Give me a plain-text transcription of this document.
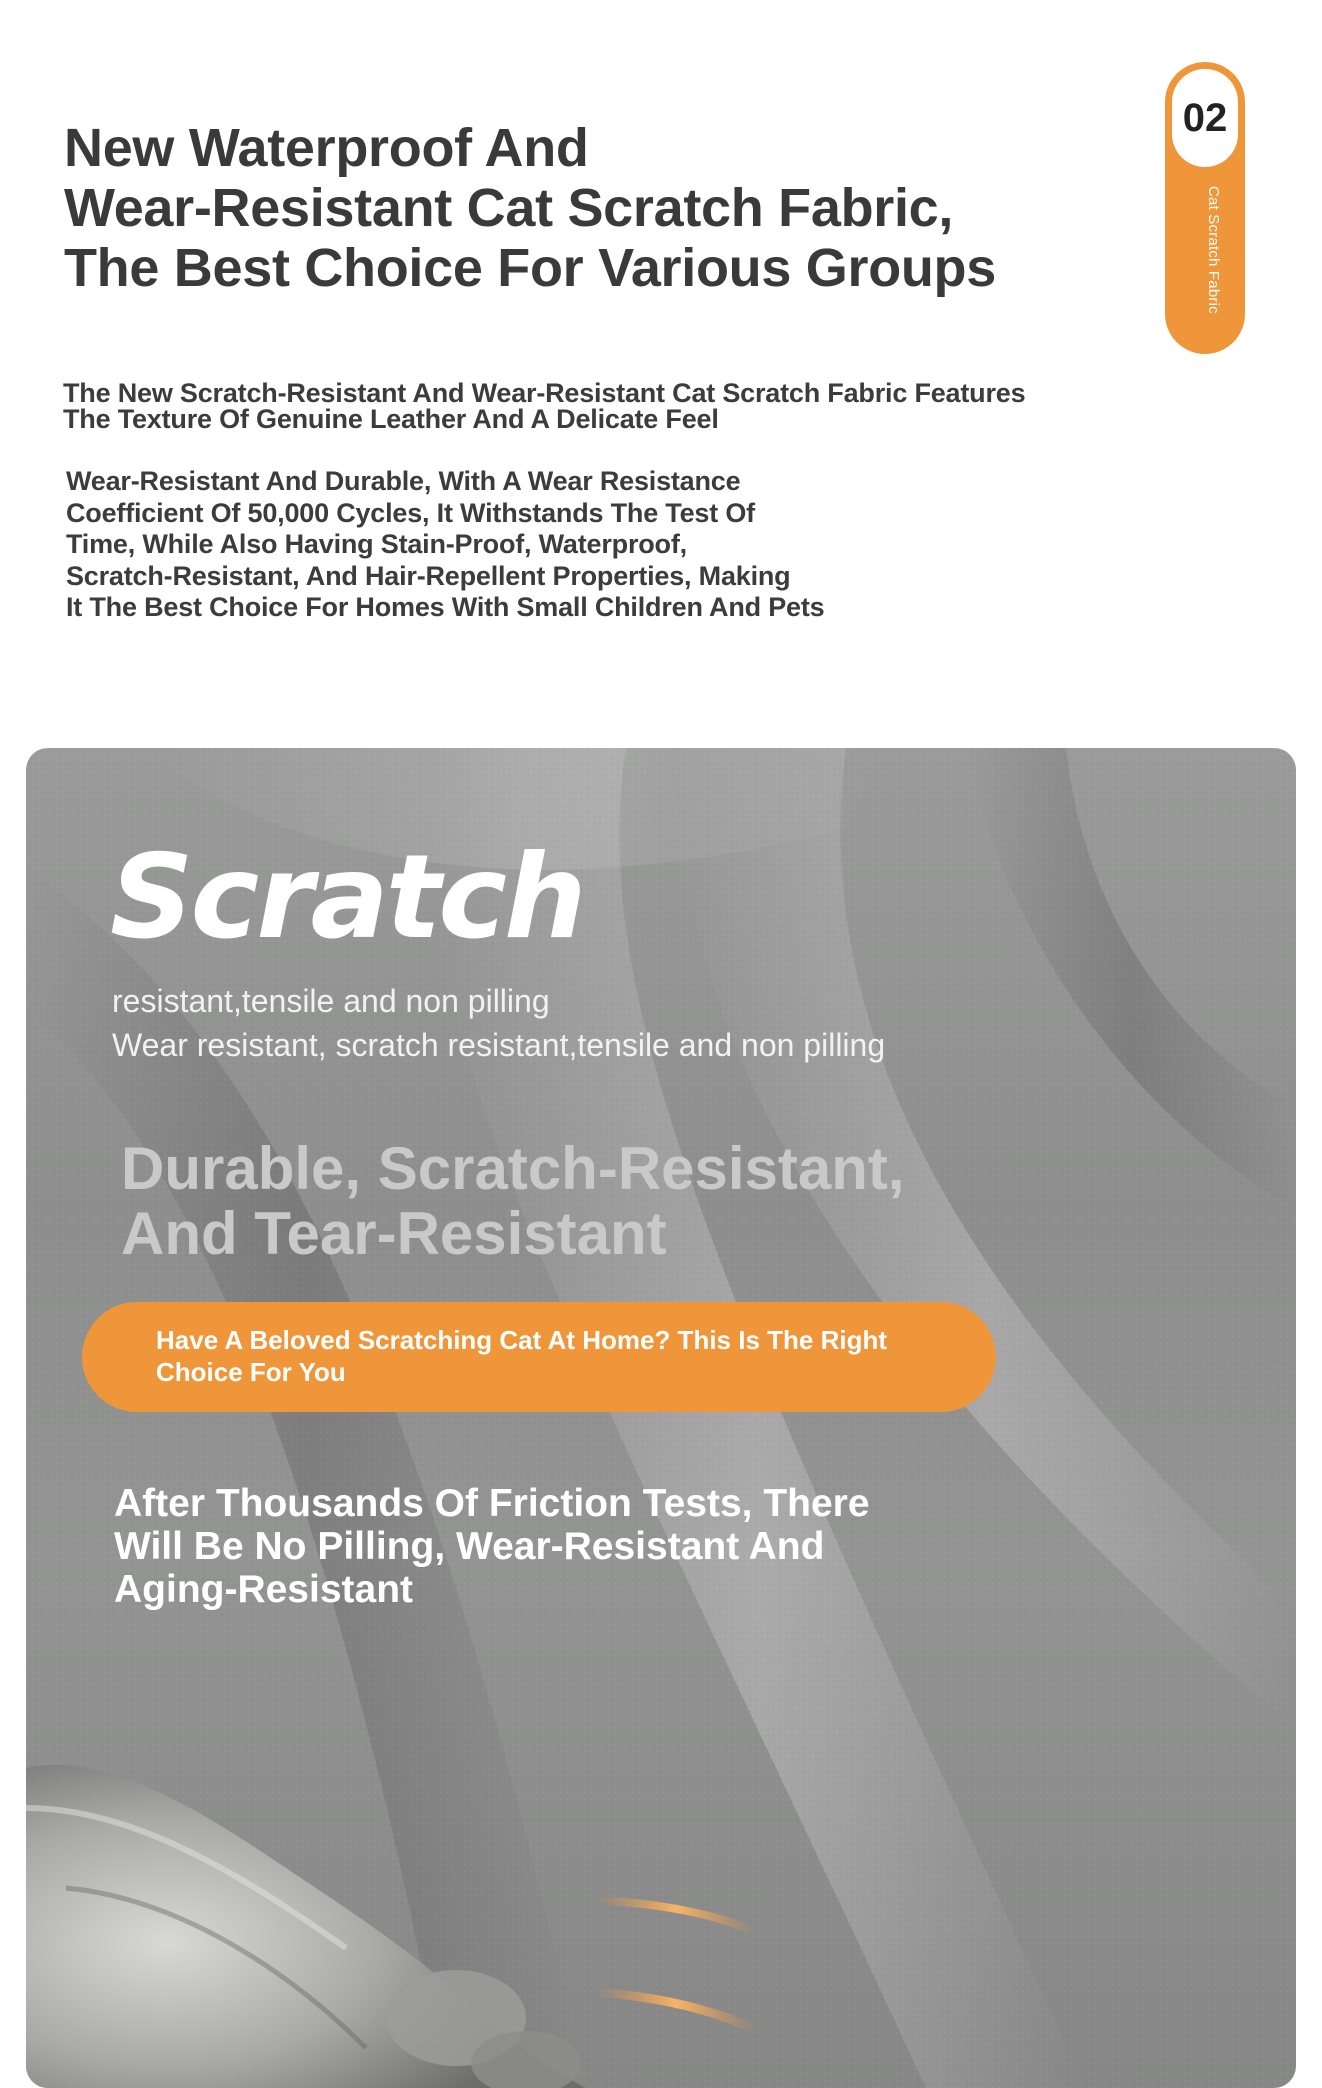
New Waterproof And
Wear-Resistant Cat Scratch Fabric,
The Best Choice For Various Groups
02
Cat Scratch Fabric

The New Scratch-Resistant And Wear-Resistant Cat Scratch Fabric Features
The Texture Of Genuine Leather And A Delicate Feel

Wear-Resistant And Durable, With A Wear Resistance
Coefficient Of 50,000 Cycles, It Withstands The Test Of
Time, While Also Having Stain-Proof, Waterproof,
Scratch-Resistant, And Hair-Repellent Properties, Making
It The Best Choice For Homes With Small Children And Pets

Scratch
resistant,tensile and non pilling
Wear resistant, scratch resistant,tensile and non pilling
Durable, Scratch-Resistant,
And Tear-Resistant
Have A Beloved Scratching Cat At Home? This Is The Right
Choice For You

After Thousands Of Friction Tests, There
Will Be No Pilling, Wear-Resistant And
Aging-Resistant
